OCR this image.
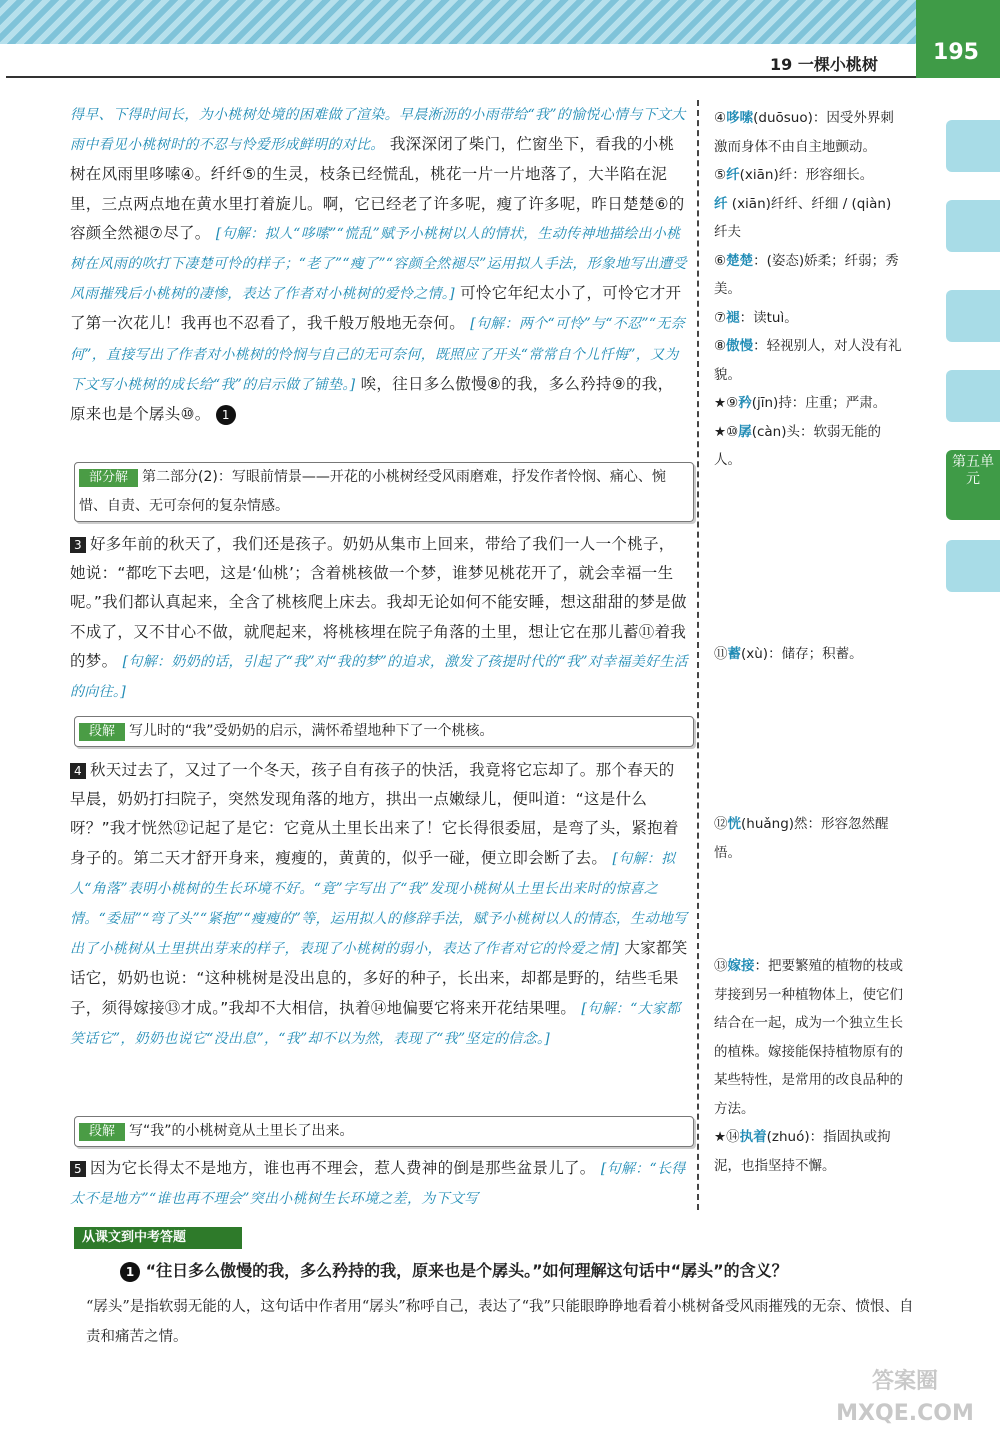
195
19 一棵小桃树
第五单元

得早、下得时间长，为小桃树处境的困难做了渲染。早晨淅沥的小雨带给“我”的愉悦心情与下文大雨中看见小桃树时的不忍与怜爱形成鲜明的对比。 我深深闭了柴门，伫窗坐下，看我的小桃树在风雨里哆嗦④。纤纤⑤的生灵，枝条已经慌乱，桃花一片一片地落了，大半陷在泥里，三点两点地在黄水里打着旋儿。啊，它已经老了许多呢，瘦了许多呢，昨日楚楚⑥的容颜全然褪⑦尽了。 [句解：拟人“哆嗦”“慌乱”赋予小桃树以人的情状，生动传神地描绘出小桃树在风雨的吹打下凄楚可怜的样子；“老了”“瘦了”“容颜全然褪尽”运用拟人手法，形象地写出遭受风雨摧残后小桃树的凄惨，表达了作者对小桃树的爱怜之情。] 可怜它年纪太小了，可怜它才开了第一次花儿！我再也不忍看了，我千般万般地无奈何。 [句解：两个“可怜”与“不忍”“无奈何”，直接写出了作者对小桃树的怜悯与自己的无可奈何，既照应了开头“常常自个儿忏悔”，又为下文写小桃树的成长给“我”的启示做了铺垫。] 唉，往日多么傲慢⑧的我，多么矜持⑨的我，原来也是个孱头⑩。 1

部分解 第二部分(2)：写眼前情景——开花的小桃树经受风雨磨难，抒发作者怜悯、痛心、惋惜、自责、无可奈何的复杂情感。

3 好多年前的秋天了，我们还是孩子。奶奶从集市上回来，带给了我们一人一个桃子，她说：“都吃下去吧，这是‘仙桃’；含着桃核做一个梦，谁梦见桃花开了，就会幸福一生呢。”我们都认真起来，全含了桃核爬上床去。我却无论如何不能安睡，想这甜甜的梦是做不成了，又不甘心不做，就爬起来，将桃核埋在院子角落的土里，想让它在那儿蓄⑪着我的梦。 [句解：奶奶的话，引起了“我”对“我的梦”的追求，激发了孩提时代的“我”对幸福美好生活的向往。]

段解 写儿时的“我”受奶奶的启示，满怀希望地种下了一个桃核。

4 秋天过去了，又过了一个冬天，孩子自有孩子的快活，我竟将它忘却了。那个春天的早晨，奶奶打扫院子，突然发现角落的地方，拱出一点嫩绿儿，便叫道：“这是什么呀？”我才恍然⑫记起了是它：它竟从土里长出来了！它长得很委屈，是弯了头，紧抱着身子的。第二天才舒开身来，瘦瘦的，黄黄的，似乎一碰，便立即会断了去。 [句解：拟人“角落”表明小桃树的生长环境不好。“竟”字写出了“我”发现小桃树从土里长出来时的惊喜之情。“委屈”“弯了头”“紧抱”“瘦瘦的”等，运用拟人的修辞手法，赋予小桃树以人的情态，生动地写出了小桃树从土里拱出芽来的样子，表现了小桃树的弱小，表达了作者对它的怜爱之情] 大家都笑话它，奶奶也说：“这种桃树是没出息的，多好的种子，长出来，却都是野的，结些毛果子，须得嫁接⑬才成。”我却不大相信，执着⑭地偏要它将来开花结果哩。 [句解：“大家都笑话它”，奶奶也说它“没出息”，“我”却不以为然，表现了“我”坚定的信念。]

段解 写“我”的小桃树竟从土里长了出来。

5 因为它长得太不是地方，谁也再不理会，惹人费神的倒是那些盆景儿了。 [句解：“长得太不是地方”“谁也再不理会”突出小桃树生长环境之差，为下文写

④哆嗦(duōsuo)：因受外界刺激而身体不由自主地颤动。

⑤纤(xiān)纤：形容细长。

纤 (xiān)纤纤、纤细 / (qiàn)纤夫

⑥楚楚：(姿态)娇柔；纤弱；秀美。

⑦褪：读tuì。

⑧傲慢：轻视别人，对人没有礼貌。

★⑨矜(jīn)持：庄重；严肃。

★⑩孱(càn)头：软弱无能的人。

⑪蓄(xù)：储存；积蓄。

⑫恍(huǎng)然：形容忽然醒悟。

⑬嫁接：把要繁殖的植物的枝或芽接到另一种植物体上，使它们结合在一起，成为一个独立生长的植株。嫁接能保持植物原有的某些特性，是常用的改良品种的方法。

★⑭执着(zhuó)：指固执或拘泥，也指坚持不懈。

从课文到中考答题
1 “往日多么傲慢的我，多么矜持的我，原来也是个孱头。”如何理解这句话中“孱头”的含义？
“孱头”是指软弱无能的人，这句话中作者用“孱头”称呼自己，表达了“我”只能眼睁睁地看着小桃树备受风雨摧残的无奈、愤恨、自责和痛苦之情。
答案圈
MXQE.COM
